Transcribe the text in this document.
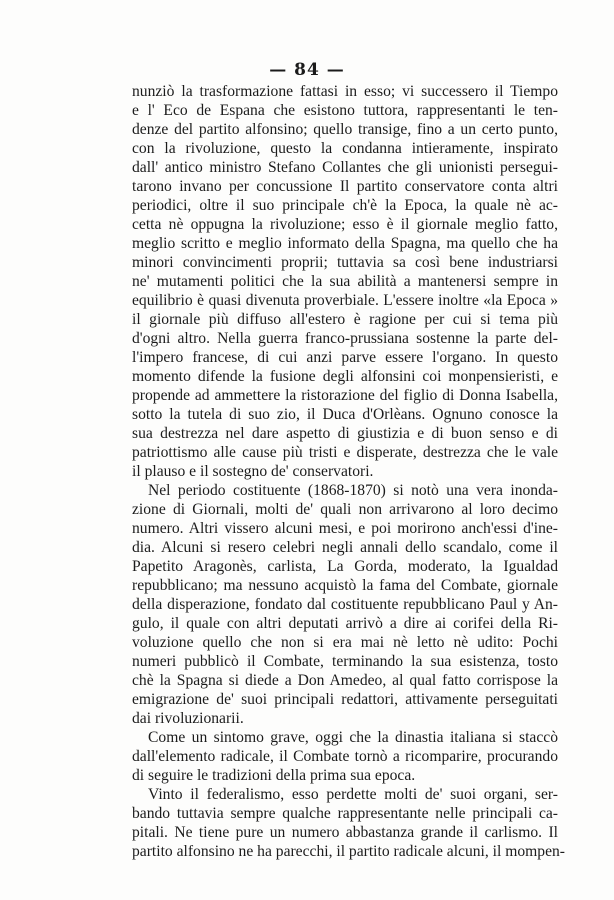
— 84 —
nunziò la trasformazione fattasi in esso; vi successero il Tiempo
e l' Eco de Espana che esistono tuttora, rappresentanti le ten-
denze del partito alfonsino; quello transige, fino a un certo punto,
con la rivoluzione, questo la condanna intieramente, inspirato
dall' antico ministro Stefano Collantes che gli unionisti persegui-
tarono invano per concussione Il partito conservatore conta altri
periodici, oltre il suo principale ch'è la Epoca, la quale nè ac-
cetta nè oppugna la rivoluzione; esso è il giornale meglio fatto,
meglio scritto e meglio informato della Spagna, ma quello che ha
minori convincimenti proprii; tuttavia sa così bene industriarsi
ne' mutamenti politici che la sua abilità a mantenersi sempre in
equilibrio è quasi divenuta proverbiale. L'essere inoltre «la Epoca »
il giornale più diffuso all'estero è ragione per cui si tema più
d'ogni altro. Nella guerra franco-prussiana sostenne la parte del-
l'impero francese, di cui anzi parve essere l'organo. In questo
momento difende la fusione degli alfonsini coi monpensieristi, e
propende ad ammettere la ristorazione del figlio di Donna Isabella,
sotto la tutela di suo zio, il Duca d'Orlèans. Ognuno conosce la
sua destrezza nel dare aspetto di giustizia e di buon senso e di
patriottismo alle cause più tristi e disperate, destrezza che le vale
il plauso e il sostegno de' conservatori.
Nel periodo costituente (1868-1870) si notò una vera inonda-
zione di Giornali, molti de' quali non arrivarono al loro decimo
numero. Altri vissero alcuni mesi, e poi morirono anch'essi d'ine-
dia. Alcuni si resero celebri negli annali dello scandalo, come il
Papetito Aragonès, carlista, La Gorda, moderato, la Igualdad
repubblicano; ma nessuno acquistò la fama del Combate, giornale
della disperazione, fondato dal costituente repubblicano Paul y An-
gulo, il quale con altri deputati arrivò a dire ai corifei della Ri-
voluzione quello che non si era mai nè letto nè udito: Pochi
numeri pubblicò il Combate, terminando la sua esistenza, tosto
chè la Spagna si diede a Don Amedeo, al qual fatto corrispose la
emigrazione de' suoi principali redattori, attivamente perseguitati
dai rivoluzionarii.
Come un sintomo grave, oggi che la dinastia italiana si staccò
dall'elemento radicale, il Combate tornò a ricomparire, procurando
di seguire le tradizioni della prima sua epoca.
Vinto il federalismo, esso perdette molti de' suoi organi, ser-
bando tuttavia sempre qualche rappresentante nelle principali ca-
pitali. Ne tiene pure un numero abbastanza grande il carlismo. Il
partito alfonsino ne ha parecchi, il partito radicale alcuni, il mompen-
